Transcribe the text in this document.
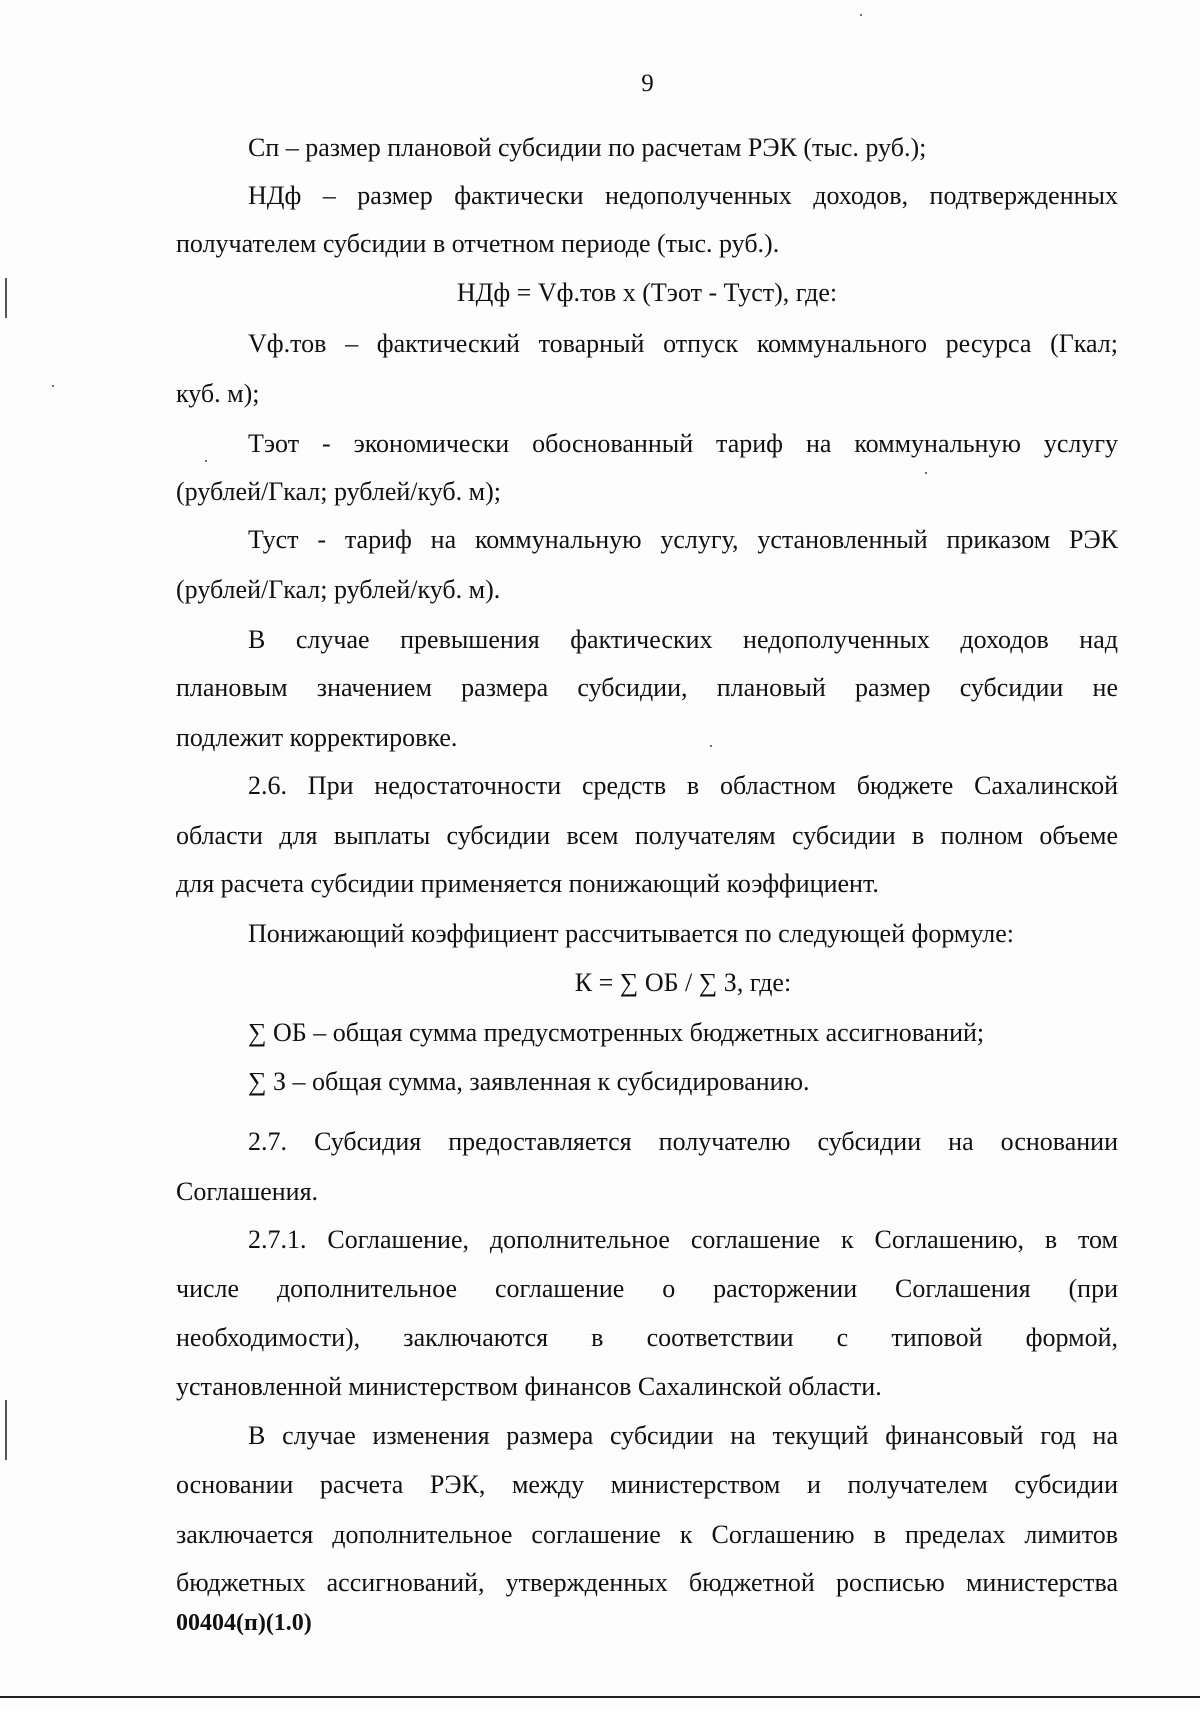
9
Сп – размер плановой субсидии по расчетам РЭК (тыс. руб.);
НДф – размер фактически недополученных доходов, подтвержденных
получателем субсидии в отчетном периоде (тыс. руб.).
НДф = Vф.тов х (Тэот - Туст), где:
Vф.тов – фактический товарный отпуск коммунального ресурса (Гкал;
куб. м);
Тэот - экономически обоснованный тариф на коммунальную услугу
(рублей/Гкал; рублей/куб. м);
Туст - тариф на коммунальную услугу, установленный приказом РЭК
(рублей/Гкал; рублей/куб. м).
В случае превышения фактических недополученных доходов над
плановым значением размера субсидии, плановый размер субсидии не
подлежит корректировке.
2.6. При недостаточности средств в областном бюджете Сахалинской
области для выплаты субсидии всем получателям субсидии в полном объеме
для расчета субсидии применяется понижающий коэффициент.
Понижающий коэффициент рассчитывается по следующей формуле:
К = ∑ ОБ / ∑ З, где:
∑ ОБ – общая сумма предусмотренных бюджетных ассигнований;
∑ З – общая сумма, заявленная к субсидированию.
2.7. Субсидия предоставляется получателю субсидии на основании
Соглашения.
2.7.1. Соглашение, дополнительное соглашение к Соглашению, в том
числе дополнительное соглашение о расторжении Соглашения (при
необходимости), заключаются в соответствии с типовой формой,
установленной министерством финансов Сахалинской области.
В случае изменения размера субсидии на текущий финансовый год на
основании расчета РЭК, между министерством и получателем субсидии
заключается дополнительное соглашение к Соглашению в пределах лимитов
бюджетных ассигнований, утвержденных бюджетной росписью министерства
00404(п)(1.0)
